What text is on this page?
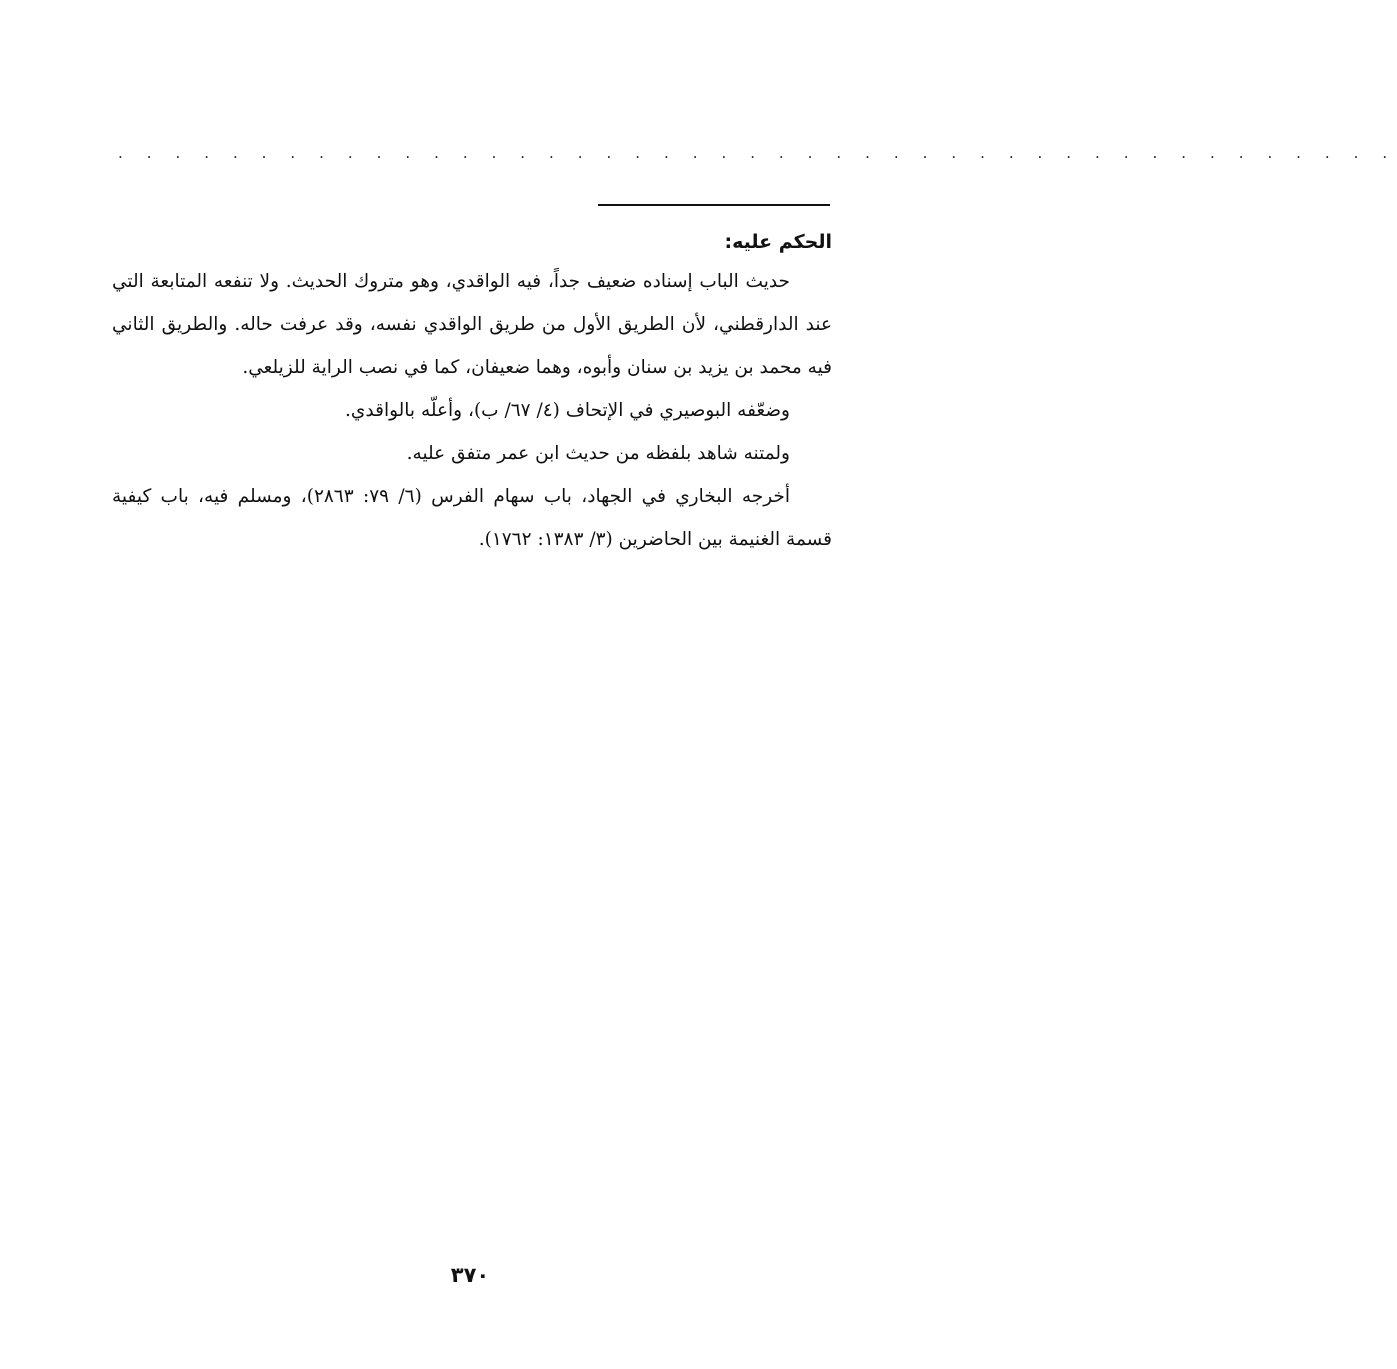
. . . . . . . . . . . . . . . . . . . . . . . . . . . . . . . . . . . . . . . . . . . . .
الحكم عليه:

حديث الباب إسناده ضعيف جداً، فيه الواقدي، وهو متروك الحديث. ولا تنفعه المتابعة التي عند الدارقطني، لأن الطريق الأول من طريق الواقدي نفسه، وقد عرفت حاله. والطريق الثاني فيه محمد بن يزيد بن سنان وأبوه، وهما ضعيفان، كما في نصب الراية للزيلعي.

وضعّفه البوصيري في الإتحاف (٤/ ٦٧/ ب)، وأعلّه بالواقدي.

ولمتنه شاهد بلفظه من حديث ابن عمر متفق عليه.

أخرجه البخاري في الجهاد، باب سهام الفرس (٦/ ٧٩: ٢٨٦٣)، ومسلم فيه، باب كيفية قسمة الغنيمة بين الحاضرين (٣/ ١٣٨٣: ١٧٦٢).

٣٧٠
